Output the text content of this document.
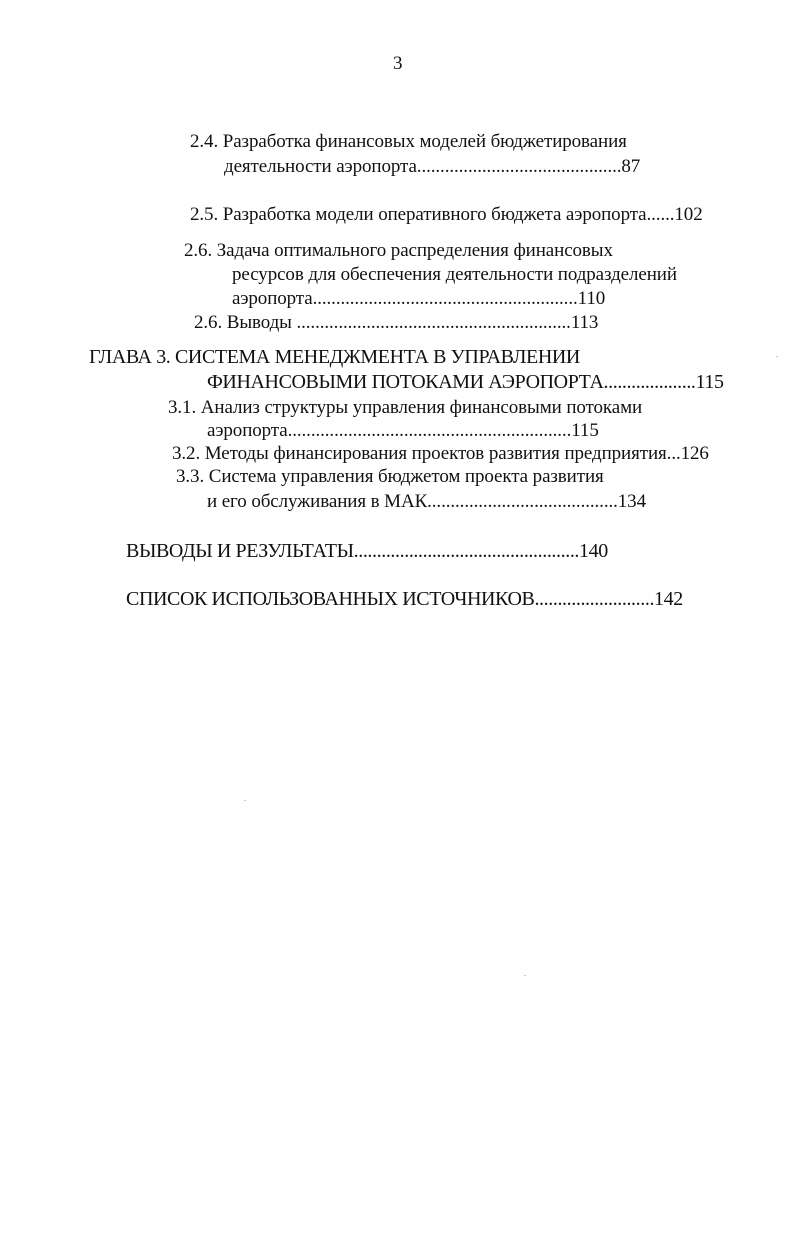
3
2.4. Разработка финансовых моделей бюджетирования
деятельности аэропорта............................................87
2.5. Разработка модели оперативного бюджета аэропорта......102
2.6. Задача оптимального распределения финансовых
ресурсов для обеспечения деятельности подразделений
аэропорта.........................................................110
2.6. Выводы ...........................................................113
ГЛАВА 3. СИСТЕМА МЕНЕДЖМЕНТА В УПРАВЛЕНИИ
ФИНАНСОВЫМИ ПОТОКАМИ АЭРОПОРТА....................115
3.1. Анализ структуры управления финансовыми потоками
аэропорта.............................................................115
3.2. Методы финансирования проектов развития предприятия...126
3.3. Система управления бюджетом проекта развития
и его обслуживания в МАК.........................................134
ВЫВОДЫ И РЕЗУЛЬТАТЫ.................................................140
СПИСОК ИСПОЛЬЗОВАННЫХ ИСТОЧНИКОВ..........................142
